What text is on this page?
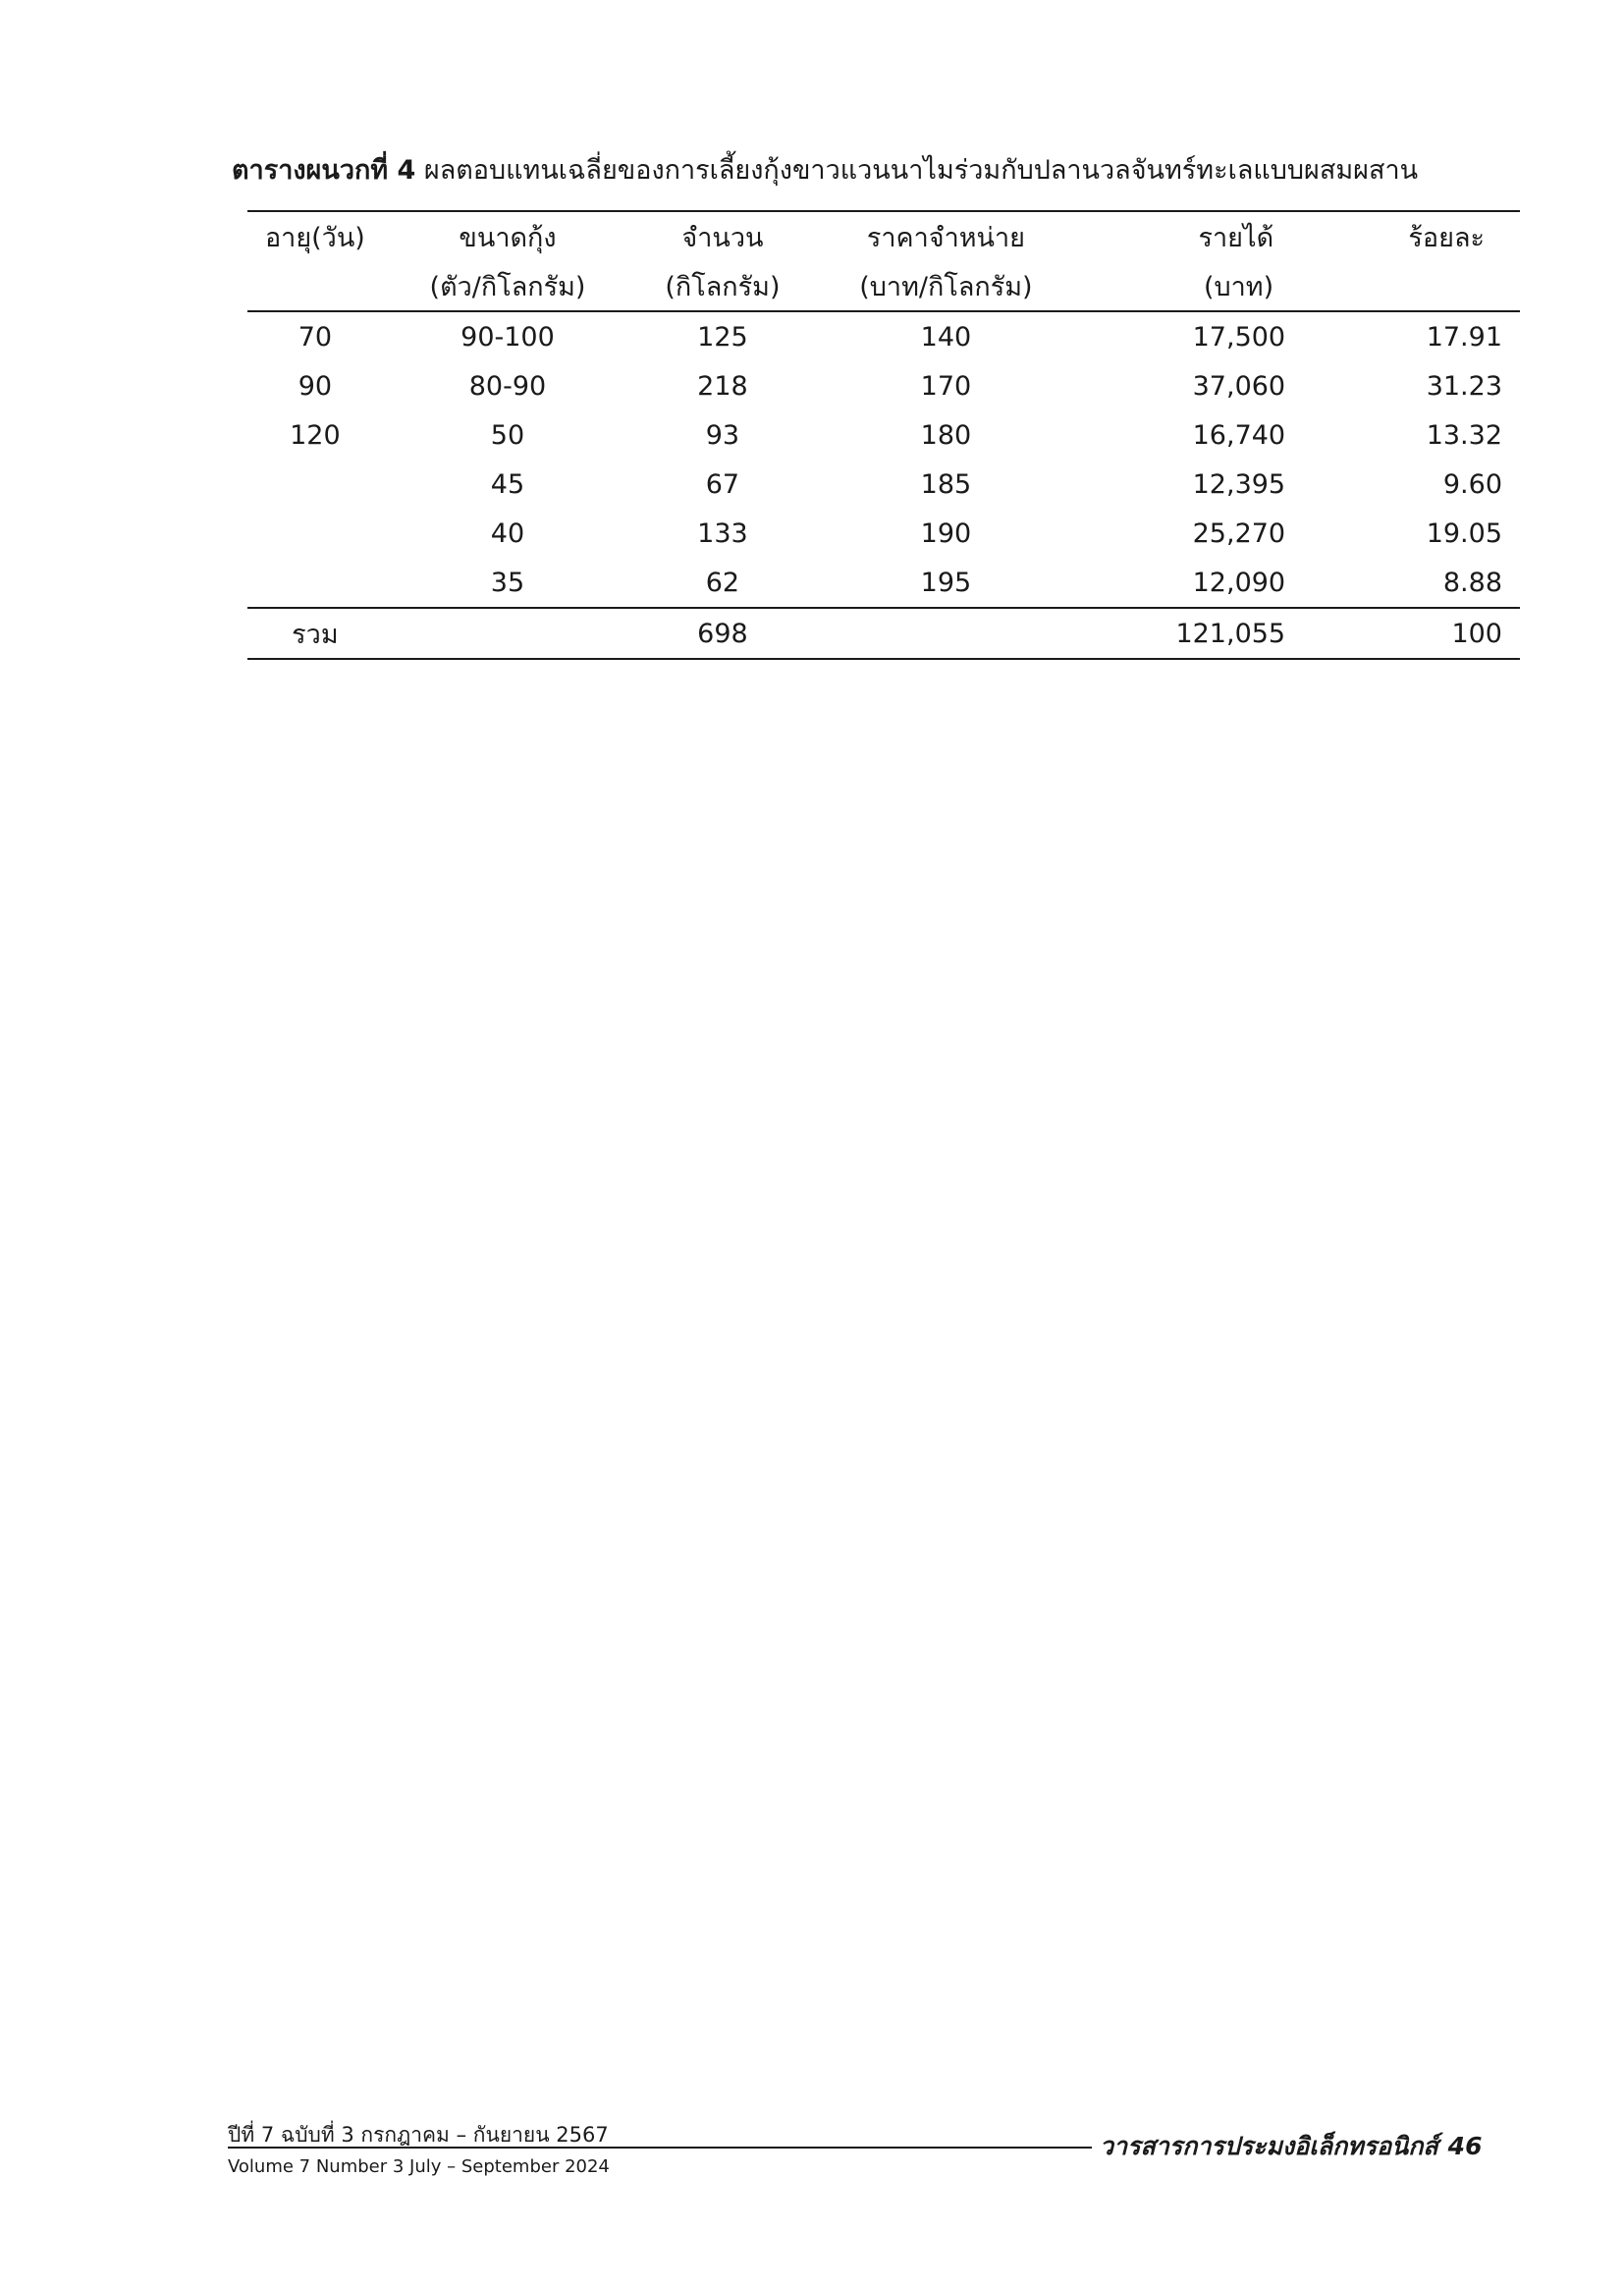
ตารางผนวกที่ 4 ผลตอบแทนเฉลี่ยของการเลี้ยงกุ้งขาวแวนนาไมร่วมกับปลานวลจันทร์ทะเลแบบผสมผสาน
อายุ(วัน)	ขนาดกุ้ง	จำนวน	ราคาจำหน่าย	รายได้	ร้อยละ
	(ตัว/กิโลกรัม)	(กิโลกรัม)	(บาท/กิโลกรัม)	(บาท)	
70	90-100	125	140	17,500	17.91
90	80-90	218	170	37,060	31.23
120	50	93	180	16,740	13.32
	45	67	185	12,395	9.60
	40	133	190	25,270	19.05
	35	62	195	12,090	8.88
รวม		698		121,055	100
ปีที่ 7 ฉบับที่ 3 กรกฎาคม – กันยายน 2567
Volume 7 Number 3 July – September 2024
วารสารการประมงอิเล็กทรอนิกส์ 46
